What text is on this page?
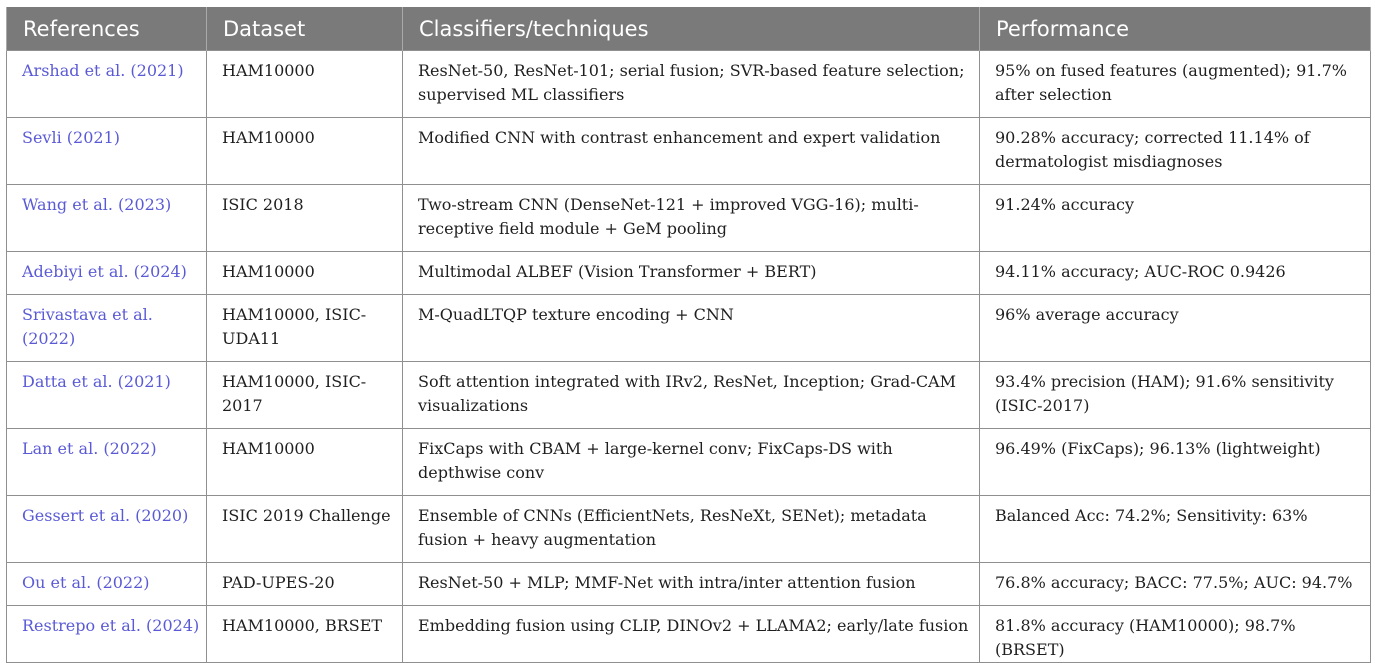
References	Dataset	Classifiers/techniques	Performance
Arshad et al. (2021)	HAM10000	ResNet-50, ResNet-101; serial fusion; SVR-based feature selection; supervised ML classifiers	95% on fused features (augmented); 91.7% after selection
Sevli (2021)	HAM10000	Modified CNN with contrast enhancement and expert validation	90.28% accuracy; corrected 11.14% of dermatologist misdiagnoses
Wang et al. (2023)	ISIC 2018	Two-stream CNN (DenseNet-121 + improved VGG-16); multi-receptive field module + GeM pooling	91.24% accuracy
Adebiyi et al. (2024)	HAM10000	Multimodal ALBEF (Vision Transformer + BERT)	94.11% accuracy; AUC-ROC 0.9426
Srivastava et al. (2022)	HAM10000, ISIC-UDA11	M-QuadLTQP texture encoding + CNN	96% average accuracy
Datta et al. (2021)	HAM10000, ISIC-2017	Soft attention integrated with IRv2, ResNet, Inception; Grad-CAM visualizations	93.4% precision (HAM); 91.6% sensitivity (ISIC-2017)
Lan et al. (2022)	HAM10000	FixCaps with CBAM + large-kernel conv; FixCaps-DS with depthwise conv	96.49% (FixCaps); 96.13% (lightweight)
Gessert et al. (2020)	ISIC 2019 Challenge	Ensemble of CNNs (EfficientNets, ResNeXt, SENet); metadata fusion + heavy augmentation	Balanced Acc: 74.2%; Sensitivity: 63%
Ou et al. (2022)	PAD-UPES-20	ResNet-50 + MLP; MMF-Net with intra/inter attention fusion	76.8% accuracy; BACC: 77.5%; AUC: 94.7%
Restrepo et al. (2024)	HAM10000, BRSET	Embedding fusion using CLIP, DINOv2 + LLAMA2; early/late fusion	81.8% accuracy (HAM10000); 98.7% (BRSET)
